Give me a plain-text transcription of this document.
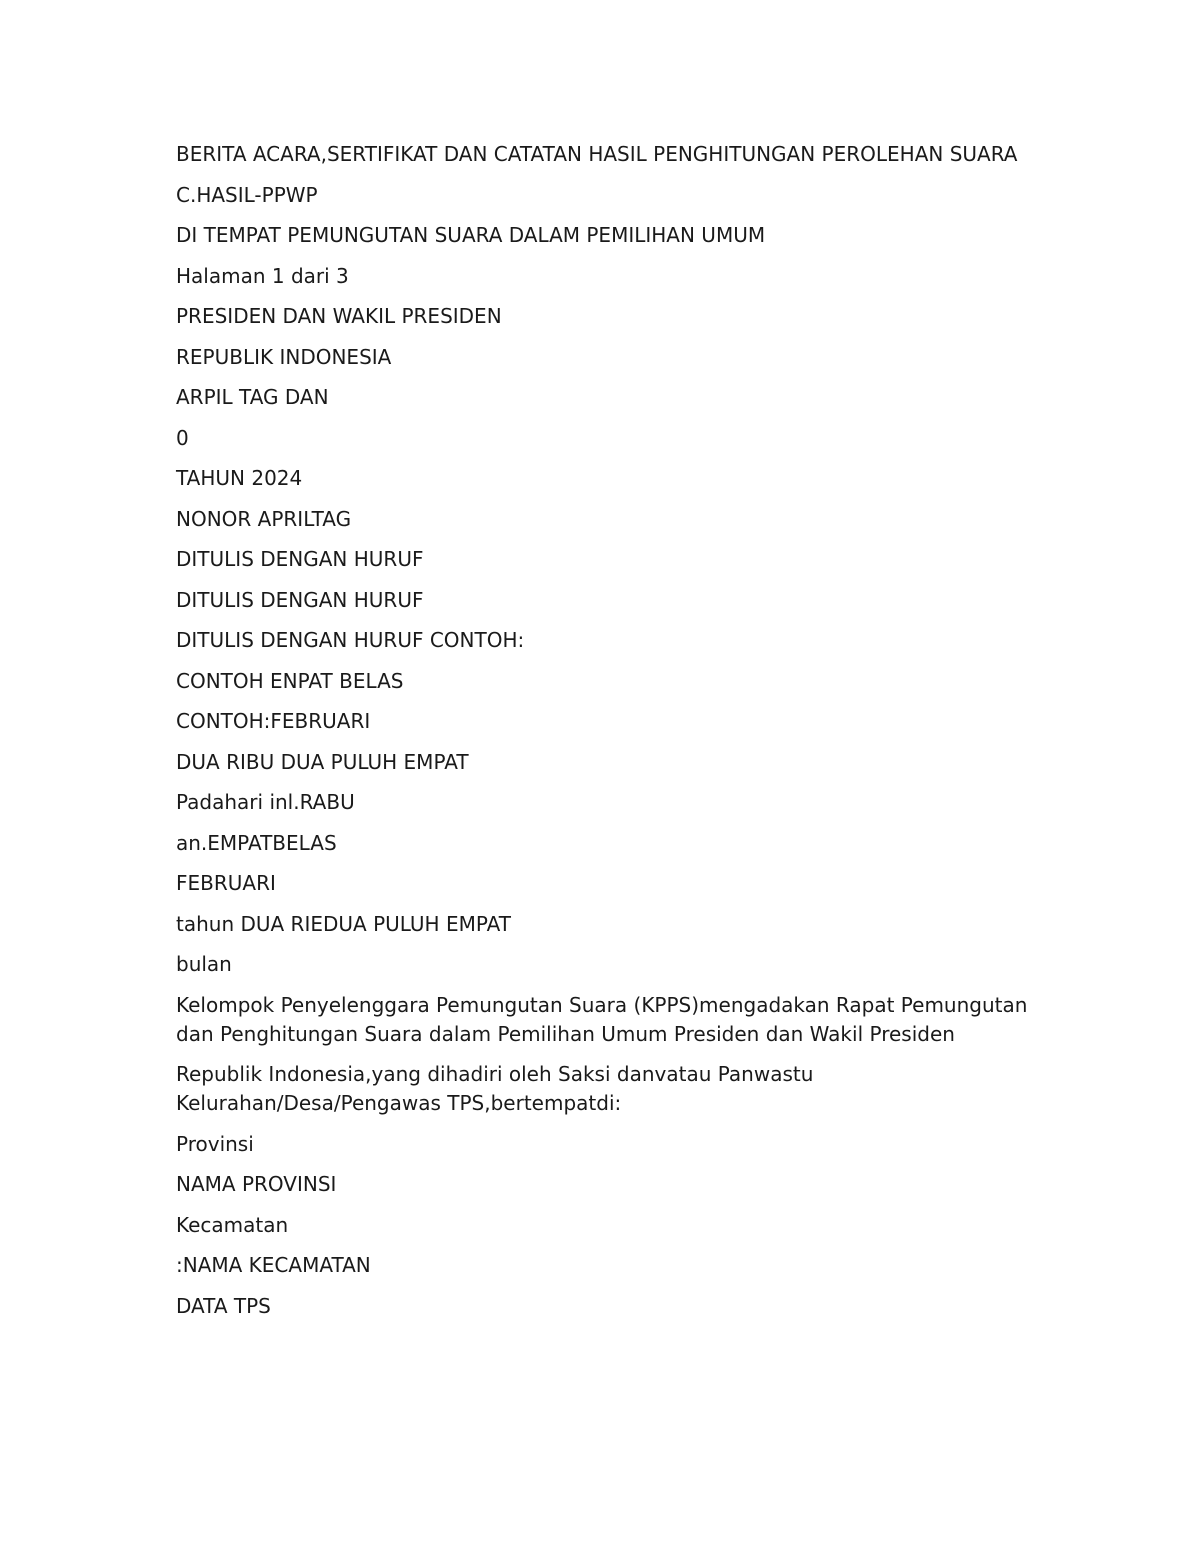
BERITA ACARA,SERTIFIKAT DAN CATATAN HASIL PENGHITUNGAN PEROLEHAN SUARA
C.HASIL-PPWP
DI TEMPAT PEMUNGUTAN SUARA DALAM PEMILIHAN UMUM
Halaman 1 dari 3
PRESIDEN DAN WAKIL PRESIDEN
REPUBLIK INDONESIA
ARPIL TAG DAN
0
TAHUN 2024
NONOR APRILTAG
DITULIS DENGAN HURUF
DITULIS DENGAN HURUF
DITULIS DENGAN HURUF CONTOH:
CONTOH ENPAT BELAS
CONTOH:FEBRUARI
DUA RIBU DUA PULUH EMPAT
Padahari inl.RABU
an.EMPATBELAS
FEBRUARI
tahun DUA RIEDUA PULUH EMPAT
bulan
Kelompok Penyelenggara Pemungutan Suara (KPPS)mengadakan Rapat Pemungutan dan Penghitungan Suara dalam Pemilihan Umum Presiden dan Wakil Presiden
Republik Indonesia,yang dihadiri oleh Saksi danvatau Panwastu Kelurahan/Desa/Pengawas TPS,bertempatdi:
Provinsi
NAMA PROVINSI
Kecamatan
:NAMA KECAMATAN
DATA TPS
